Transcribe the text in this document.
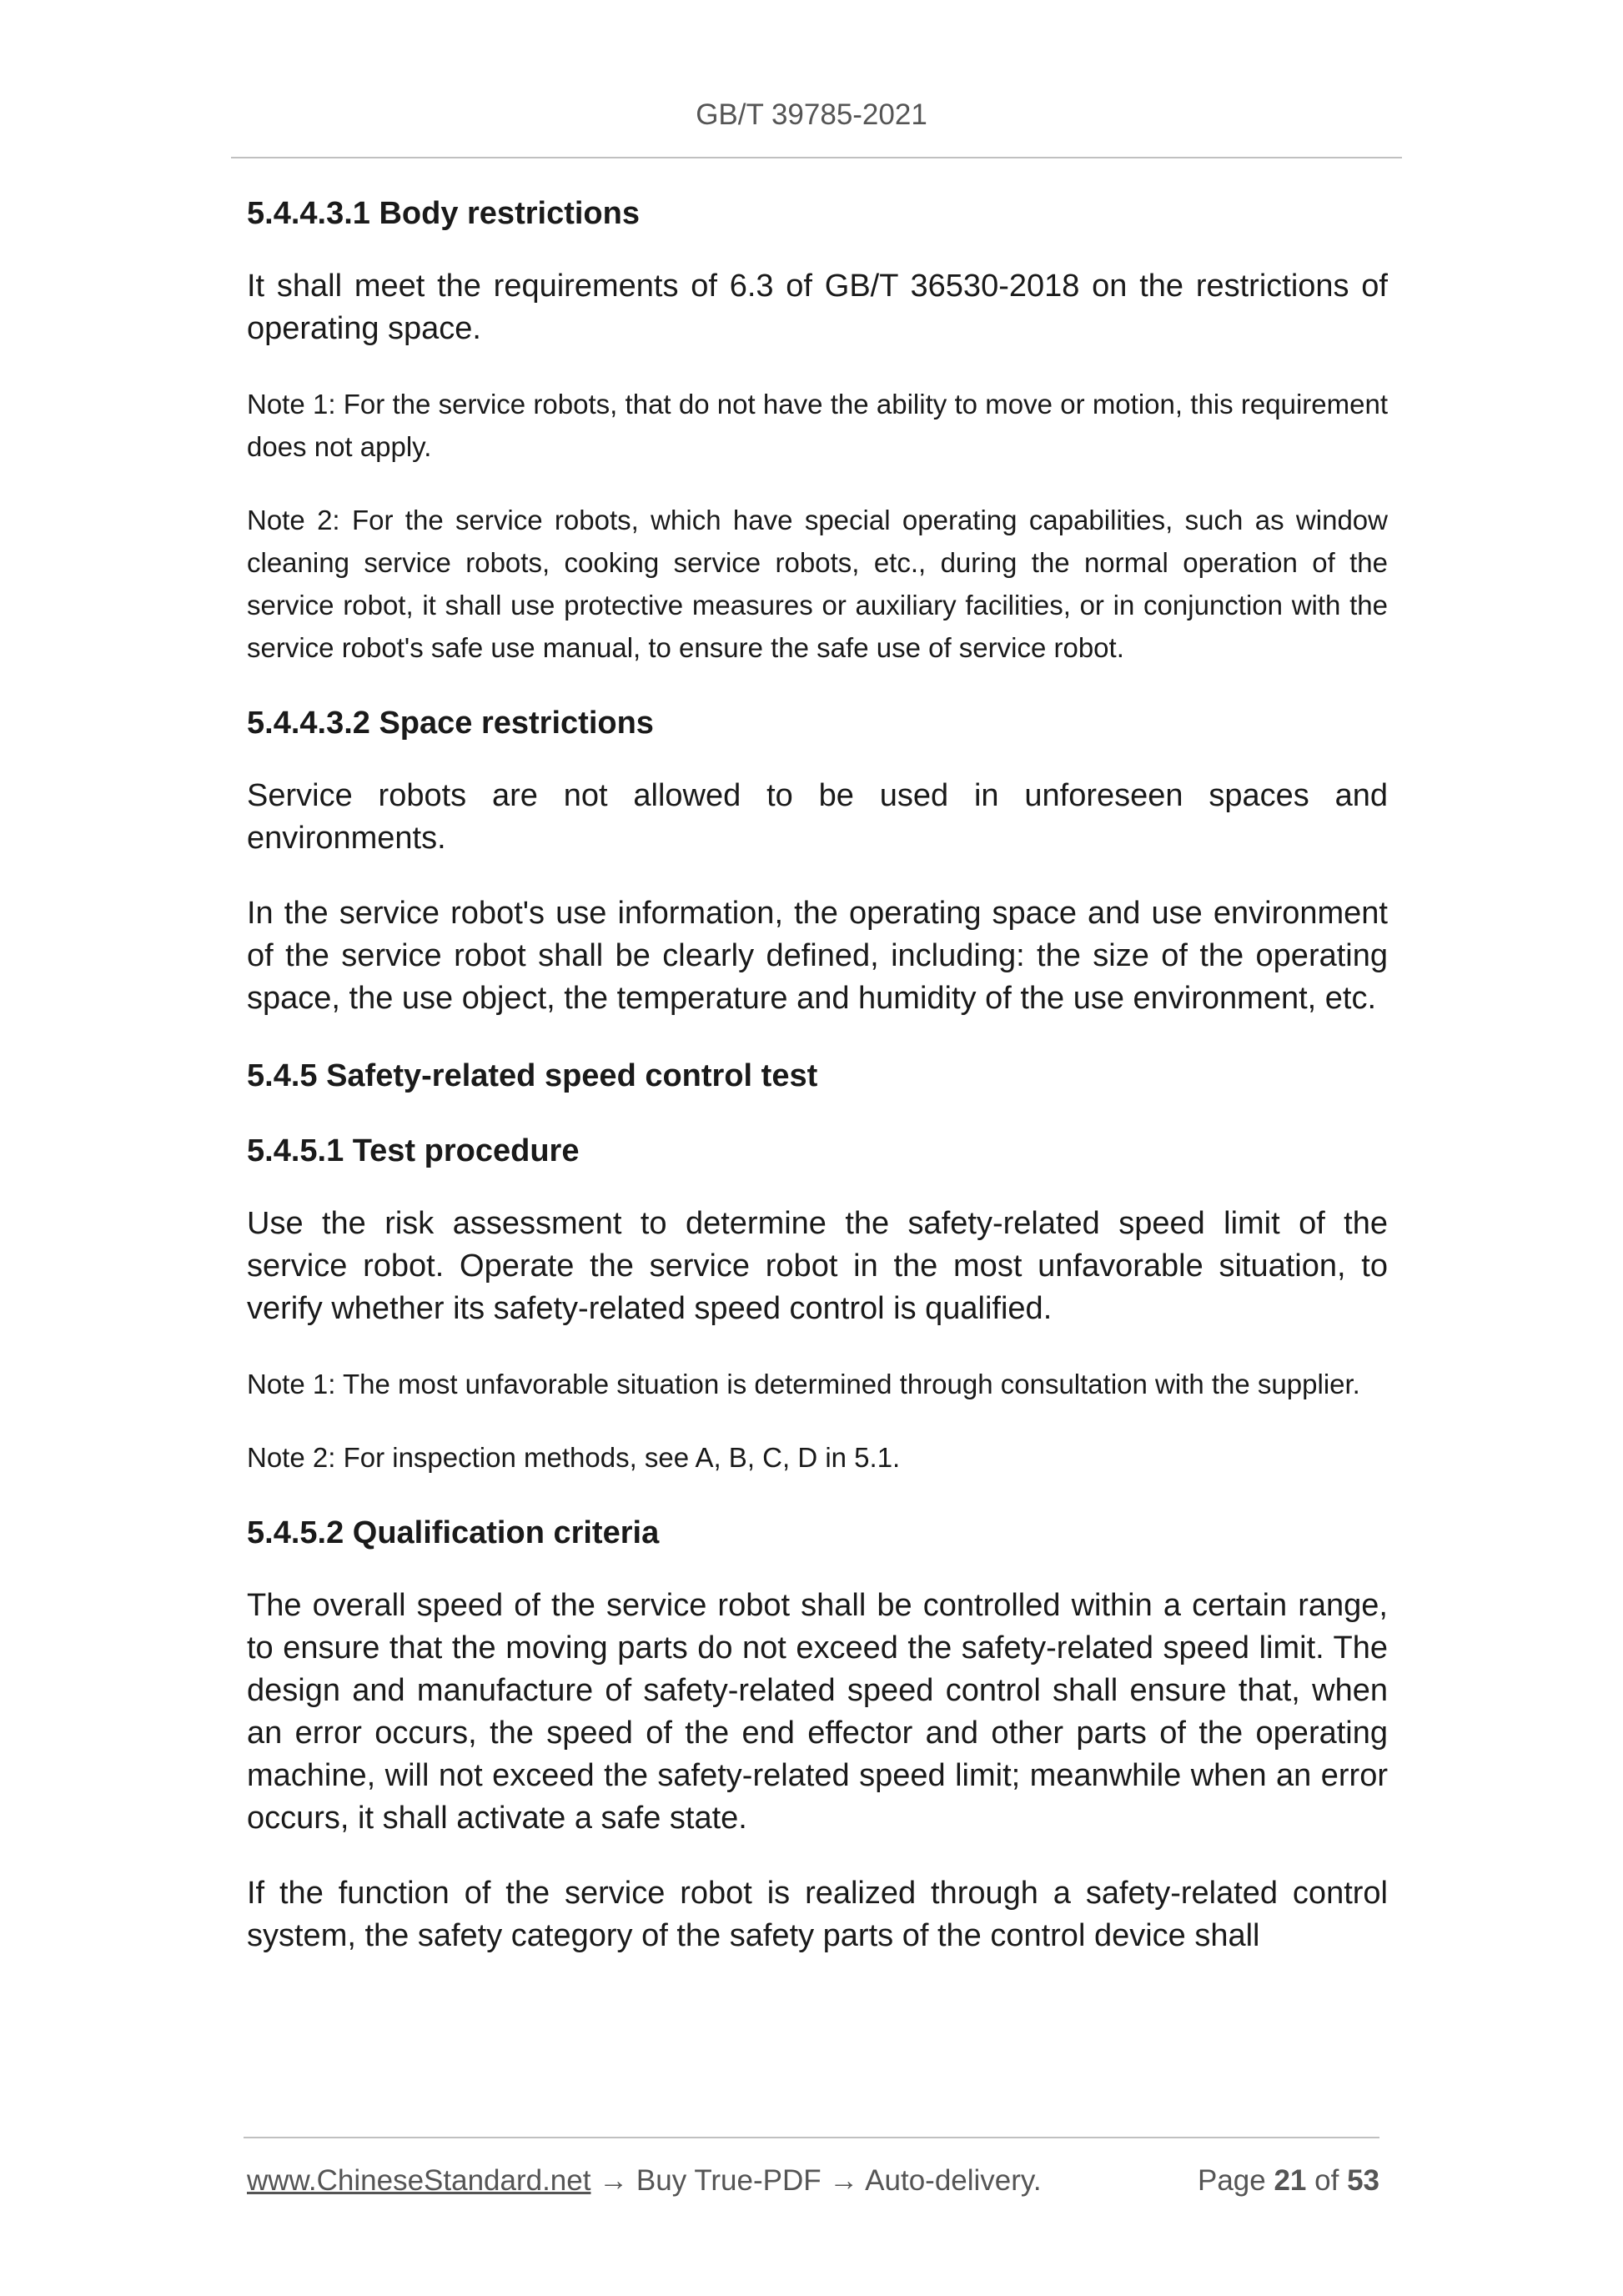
GB/T 39785-2021
5.4.4.3.1 Body restrictions
It shall meet the requirements of 6.3 of GB/T 36530-2018 on the restrictions of operating space.
Note 1: For the service robots, that do not have the ability to move or motion, this requirement does not apply.
Note 2: For the service robots, which have special operating capabilities, such as window cleaning service robots, cooking service robots, etc., during the normal operation of the service robot, it shall use protective measures or auxiliary facilities, or in conjunction with the service robot's safe use manual, to ensure the safe use of service robot.
5.4.4.3.2 Space restrictions
Service robots are not allowed to be used in unforeseen spaces and environments.
In the service robot's use information, the operating space and use environment of the service robot shall be clearly defined, including: the size of the operating space, the use object, the temperature and humidity of the use environment, etc.
5.4.5 Safety-related speed control test
5.4.5.1 Test procedure
Use the risk assessment to determine the safety-related speed limit of the service robot. Operate the service robot in the most unfavorable situation, to verify whether its safety-related speed control is qualified.
Note 1: The most unfavorable situation is determined through consultation with the supplier.
Note 2: For inspection methods, see A, B, C, D in 5.1.
5.4.5.2 Qualification criteria
The overall speed of the service robot shall be controlled within a certain range, to ensure that the moving parts do not exceed the safety-related speed limit. The design and manufacture of safety-related speed control shall ensure that, when an error occurs, the speed of the end effector and other parts of the operating machine, will not exceed the safety-related speed limit; meanwhile when an error occurs, it shall activate a safe state.
If the function of the service robot is realized through a safety-related control system, the safety category of the safety parts of the control device shall
www.ChineseStandard.net → Buy True-PDF → Auto-delivery.	Page 21 of 53
